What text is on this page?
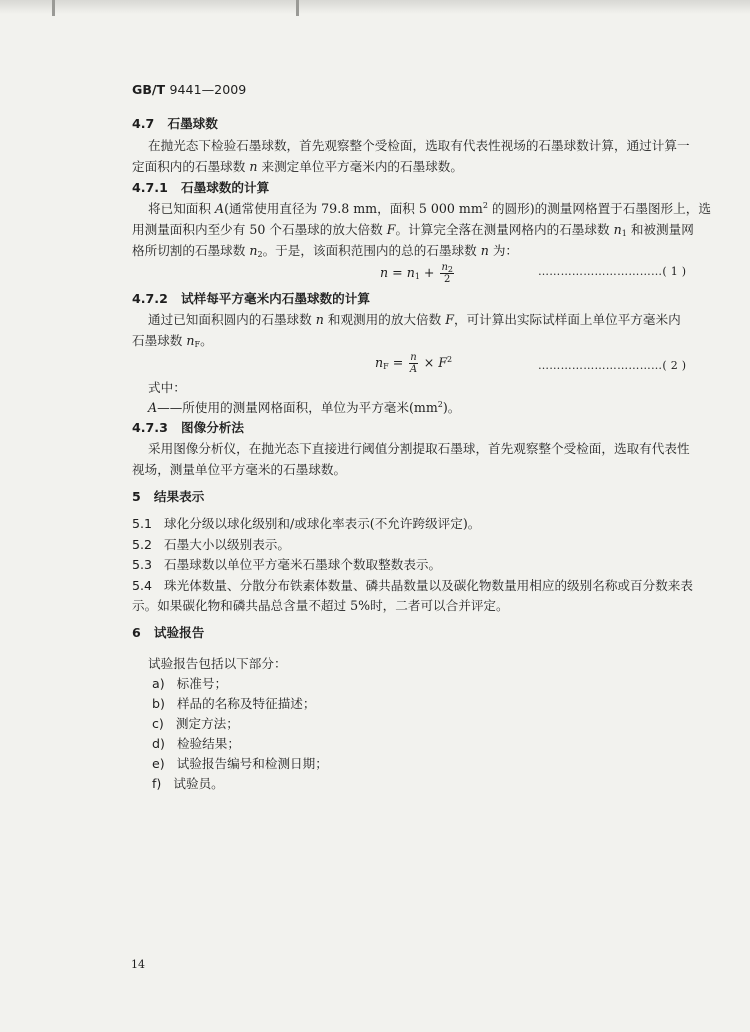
GB/T 9441—2009
4.7 石墨球数
在抛光态下检验石墨球数，首先观察整个受检面，选取有代表性视场的石墨球数计算，通过计算一
定面积内的石墨球数 n 来测定单位平方毫米内的石墨球数。
4.7.1 石墨球数的计算
将已知面积 A(通常使用直径为 79.8 mm，面积 5 000 $mm^2$ 的圆形)的测量网格置于石墨图形上，选
用测量面积内至少有 50 个石墨球的放大倍数 F。计算完全落在测量网格内的石墨球数 $n_1$ 和被测量网
格所切割的石墨球数 $n_2$。于是，该面积范围内的总的石墨球数 n 为：
$n = n_1 + \frac{n_2}{2}$	……………………………( 1 )
4.7.2 试样每平方毫米内石墨球数的计算
通过已知面积圆内的石墨球数 n 和观测用的放大倍数 F，可计算出实际试样面上单位平方毫米内
石墨球数 $n_F$。
$n_F = \frac{n}{A} \times F^2$	……………………………( 2 )
式中：
A——所使用的测量网格面积，单位为平方毫米$(mm^2)$。
4.7.3 图像分析法
采用图像分析仪，在抛光态下直接进行阈值分割提取石墨球，首先观察整个受检面，选取有代表性
视场，测量单位平方毫米的石墨球数。
5 结果表示
5.1 球化分级以球化级别和/或球化率表示(不允许跨级评定)。
5.2 石墨大小以级别表示。
5.3 石墨球数以单位平方毫米石墨球个数取整数表示。
5.4 珠光体数量、分散分布铁素体数量、磷共晶数量以及碳化物数量用相应的级别名称或百分数来表
示。如果碳化物和磷共晶总含量不超过 5%时，二者可以合并评定。
6 试验报告
试验报告包括以下部分：
a) 标准号；
b) 样品的名称及特征描述；
c) 测定方法；
d) 检验结果；
e) 试验报告编号和检测日期；
f) 试验员。
14
